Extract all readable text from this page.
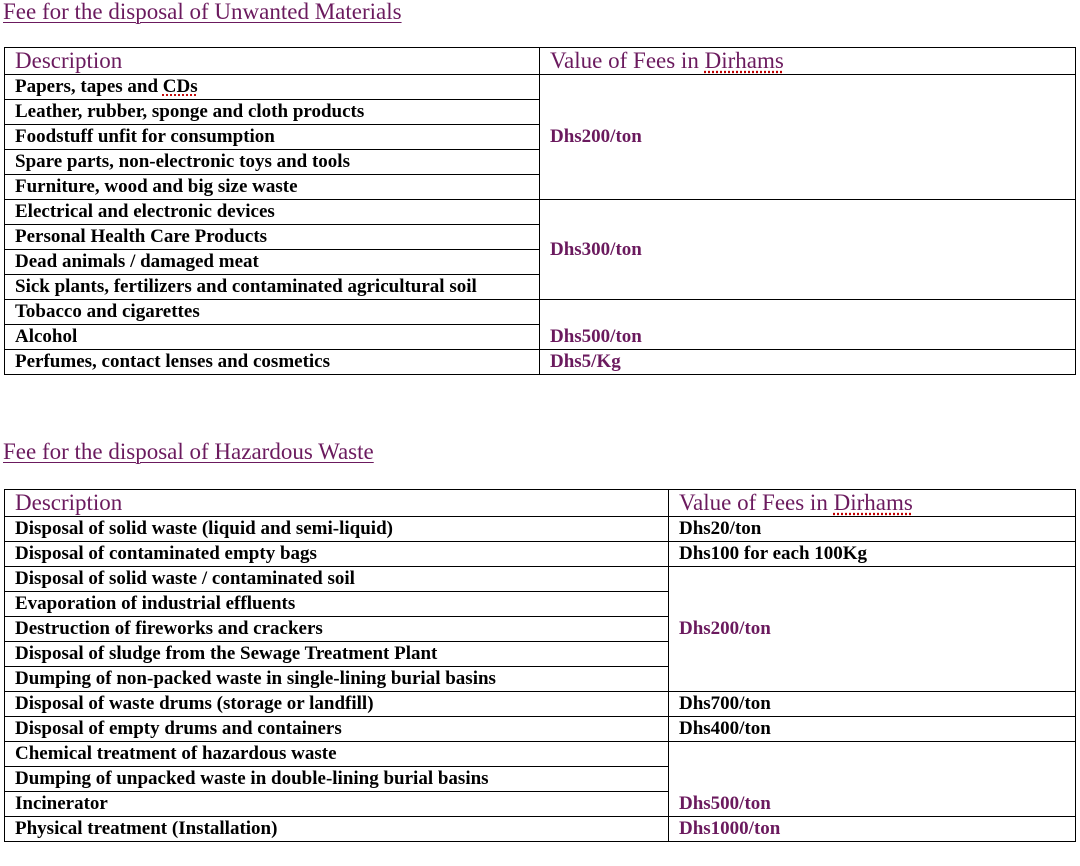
Fee for the disposal of Unwanted Materials
Description	Value of Fees in Dirhams
Papers, tapes and CDs	Dhs200/ton
Leather, rubber, sponge and cloth products	
Foodstuff unfit for consumption	
Spare parts, non-electronic toys and tools	
Furniture, wood and big size waste	
Electrical and electronic devices	Dhs300/ton
Personal Health Care Products	
Dead animals / damaged meat	
Sick plants, fertilizers and contaminated agricultural soil	
Tobacco and cigarettes	Dhs500/ton
Alcohol	
Perfumes, contact lenses and cosmetics	Dhs5/Kg
Fee for the disposal of Hazardous Waste
Description	Value of Fees in Dirhams
Disposal of solid waste (liquid and semi-liquid)	Dhs20/ton
Disposal of contaminated empty bags	Dhs100 for each 100Kg
Disposal of solid waste / contaminated soil	Dhs200/ton
Evaporation of industrial effluents	
Destruction of fireworks and crackers	
Disposal of sludge from the Sewage Treatment Plant	
Dumping of non-packed waste in single-lining burial basins	
Disposal of waste drums (storage or landfill)	Dhs700/ton
Disposal of empty drums and containers	Dhs400/ton
Chemical treatment of hazardous waste	Dhs500/ton
Dumping of unpacked waste in double-lining burial basins	
Incinerator	
Physical treatment (Installation)	Dhs1000/ton
